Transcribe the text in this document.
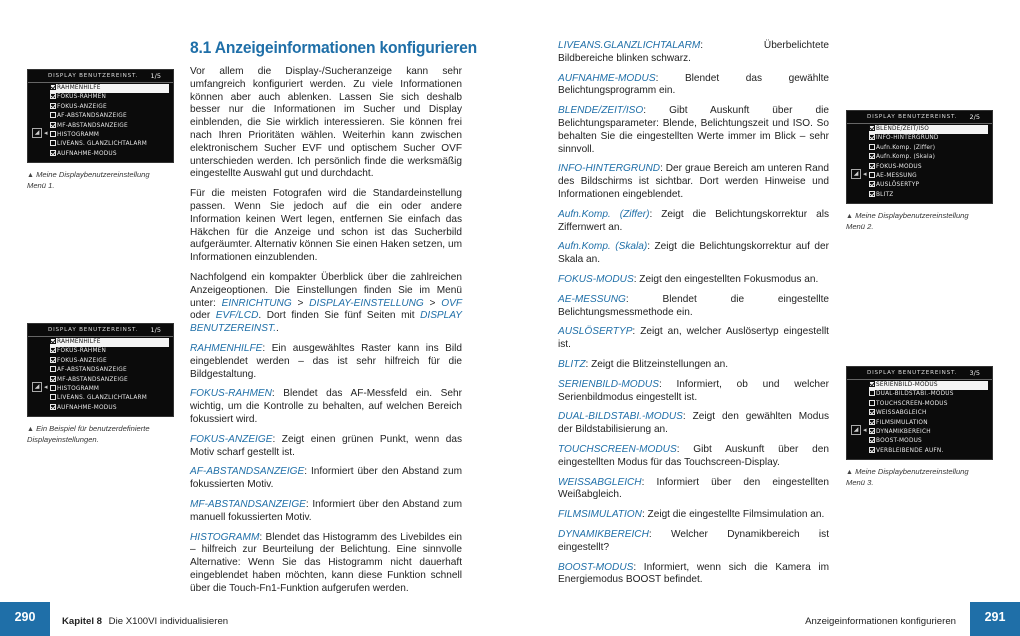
8.1 Anzeigeinformationen konfigurieren

Vor allem die Display-/Sucheranzeige kann sehr umfangreich konfiguriert werden. Zu viele Informationen können aber auch ablenken. Lassen Sie sich deshalb besser nur die Informationen im Sucher und Display einblenden, die Sie wirklich interessieren. Sie können frei nach Ihren Prioritäten wählen. Weiterhin kann zwischen elektronischem Sucher EVF und optischem Sucher OVF unterschieden werden. Ich persönlich finde die werksmäßig eingestellte Auswahl gut und durchdacht.

Für die meisten Fotografen wird die Standardeinstellung passen. Wenn Sie jedoch auf die ein oder andere Information keinen Wert legen, entfernen Sie einfach das Häkchen für die Anzeige und schon ist das Sucherbild aufgeräumter. Alternativ können Sie einen Haken setzen, um Informationen einzublenden.

Nachfolgend ein kompakter Überblick über die zahlreichen Anzeigeoptionen. Die Einstellungen finden Sie im Menü unter: EINRICHTUNG > DISPLAY-EINSTELLUNG > OVF oder EVF/LCD. Dort finden Sie fünf Seiten mit DISPLAY BENUTZEREINST..

RAHMENHILFE: Ein ausgewähltes Raster kann ins Bild eingeblendet werden – das ist sehr hilfreich für die Bildgestaltung.

FOKUS-RAHMEN: Blendet das AF-Messfeld ein. Sehr wichtig, um die Kontrolle zu behalten, auf welchen Bereich fokussiert wird.

FOKUS-ANZEIGE: Zeigt einen grünen Punkt, wenn das Motiv scharf gestellt ist.

AF-ABSTANDSANZEIGE: Informiert über den Abstand zum fokussierten Motiv.

MF-ABSTANDSANZEIGE: Informiert über den Abstand zum manuell fokussierten Motiv.

HISTOGRAMM: Blendet das Histogramm des Livebildes ein – hilfreich zur Beurteilung der Belichtung. Eine sinnvolle Alternative: Wenn Sie das Histogramm nicht dauerhaft eingeblendet haben möchten, kann diese Funktion schnell über die Touch-Fn1-Funktion aufgerufen werden.

LIVEANS.GLANZLICHTALARM: Überbelichtete Bildbereiche blinken schwarz.

AUFNAHME-MODUS: Blendet das gewählte Belichtungsprogramm ein.

BLENDE/ZEIT/ISO: Gibt Auskunft über die Belichtungsparameter: Blende, Belichtungszeit und ISO. So behalten Sie die eingestellten Werte immer im Blick – sehr sinnvoll.

INFO-HINTERGRUND: Der graue Bereich am unteren Rand des Bildschirms ist sichtbar. Dort werden Hinweise und Informationen eingeblendet.

Aufn.Komp. (Ziffer): Zeigt die Belichtungskorrektur als Ziffernwert an.

Aufn.Komp. (Skala): Zeigt die Belichtungskorrektur auf der Skala an.

FOKUS-MODUS: Zeigt den eingestellten Fokusmodus an.

AE-MESSUNG: Blendet die eingestellte Belichtungsmessmethode ein.

AUSLÖSERTYP: Zeigt an, welcher Auslösertyp eingestellt ist.

BLITZ: Zeigt die Blitzeinstellungen an.

SERIENBILD-MODUS: Informiert, ob und welcher Serienbildmodus eingestellt ist.

DUAL-BILDSTABI.-MODUS: Zeigt den gewählten Modus der Bildstabilisierung an.

TOUCHSCREEN-MODUS: Gibt Auskunft über den eingestellten Modus für das Touchscreen-Display.

WEISSABGLEICH: Informiert über den eingestellten Weißabgleich.

FILMSIMULATION: Zeigt die eingestellte Filmsimulation an.

DYNAMIKBEREICH: Welcher Dynamikbereich ist eingestellt?

BOOST-MODUS: Informiert, wenn sich die Kamera im Energiemodus BOOST befindet.

DISPLAY BENUTZEREINST. 1/5
◢ ◂
RAHMENHILFE
FOKUS-RAHMEN
FOKUS-ANZEIGE
AF-ABSTANDSANZEIGE
MF-ABSTANDSANZEIGE
HISTOGRAMM
LIVEANS. GLANZLICHTALARM
AUFNAHME-MODUS
▲ Meine Displaybenutzereinstellung Menü 1.
DISPLAY BENUTZEREINST. 1/5
◢ ◂
RAHMENHILFE
FOKUS-RAHMEN
FOKUS-ANZEIGE
AF-ABSTANDSANZEIGE
MF-ABSTANDSANZEIGE
HISTOGRAMM
LIVEANS. GLANZLICHTALARM
AUFNAHME-MODUS
▲ Ein Beispiel für benutzerdefinierte Displayeinstellungen.
DISPLAY BENUTZEREINST. 2/5
◢ ◂
BLENDE/ZEIT/ISO
INFO-HINTERGRUND
Aufn.Komp. (Ziffer)
Aufn.Komp. (Skala)
FOKUS-MODUS
AE-MESSUNG
AUSLÖSERTYP
BLITZ
▲ Meine Displaybenutzereinstellung Menü 2.
DISPLAY BENUTZEREINST. 3/5
◢ ◂
SERIENBILD-MODUS
DUAL-BILDSTABI.-MODUS
TOUCHSCREEN-MODUS
WEISSABGLEICH
FILMSIMULATION
DYNAMIKBEREICH
BOOST-MODUS
VERBLEIBENDE AUFN.
▲ Meine Displaybenutzereinstellung Menü 3.
290	Kapitel 8 Die X100VI individualisieren	Anzeigeinformationen konfigurieren	291
